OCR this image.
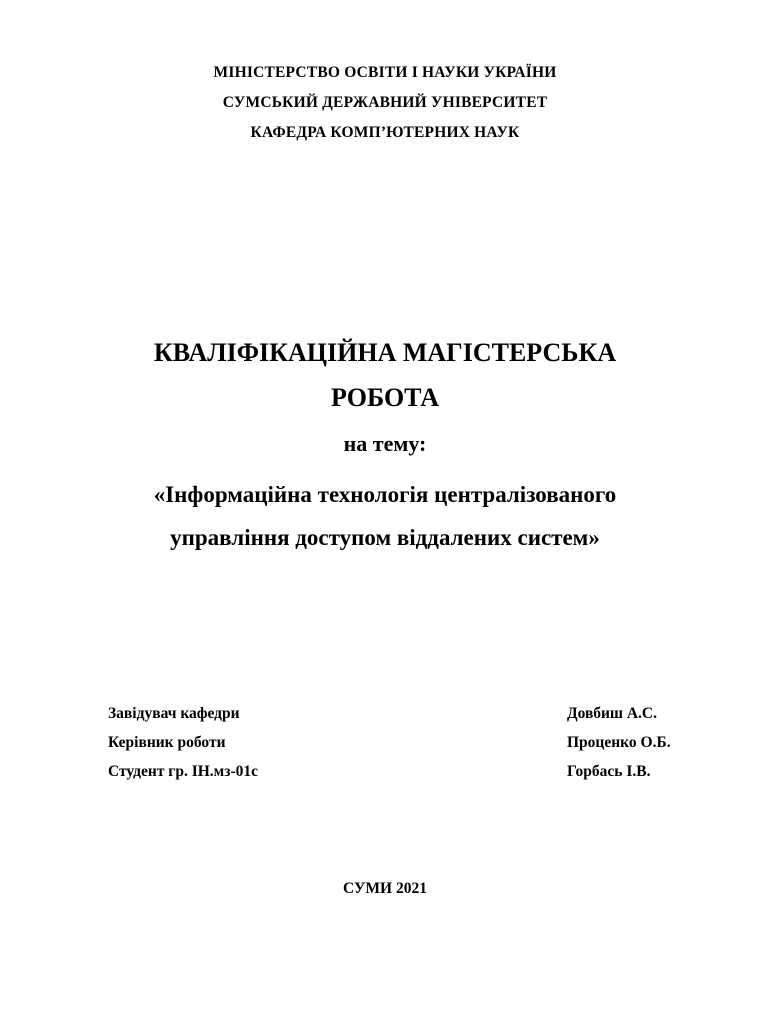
МІНІСТЕРСТВО ОСВІТИ І НАУКИ УКРАЇНИ
СУМСЬКИЙ ДЕРЖАВНИЙ УНІВЕРСИТЕТ
КАФЕДРА КОМП’ЮТЕРНИХ НАУК
КВАЛІФІКАЦІЙНА МАГІСТЕРСЬКА
РОБОТА
на тему:
«Інформаційна технологія централізованого
управління доступом віддалених систем»
Завідувач кафедри	Довбиш А.С.
Керівник роботи	Проценко О.Б.
Студент гр. ІН.мз-01с	Горбась І.В.
СУМИ 2021
